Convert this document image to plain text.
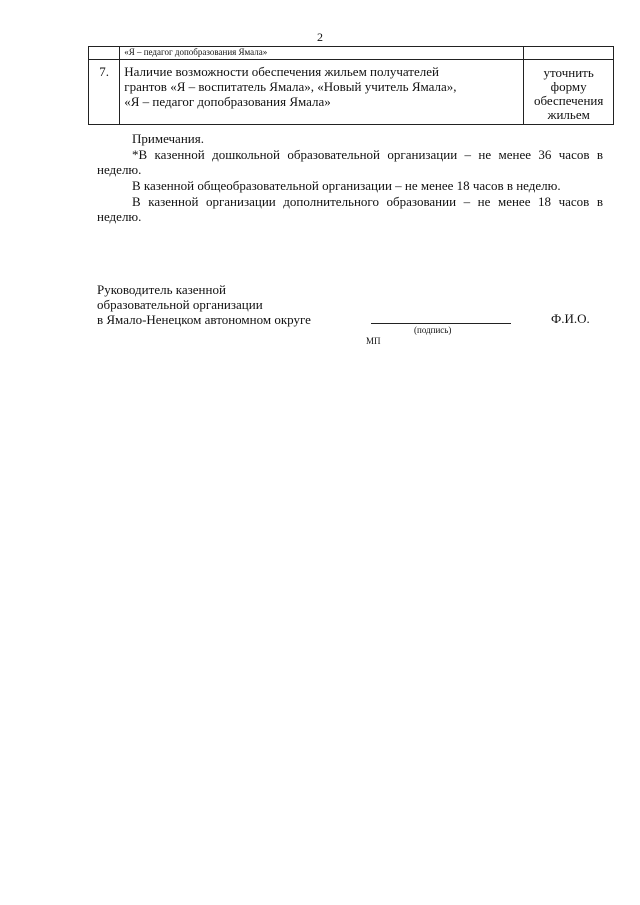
2
	«Я – педагог допобразования Ямала»	
7.	Наличие возможности обеспечения жильем получателей
грантов «Я – воспитатель Ямала», «Новый учитель Ямала»,
«Я – педагог допобразования Ямала»	уточнить
форму
обеспечения
жильем
Примечания.

*В казенной дошкольной образовательной организации – не менее 36 часов в неделю.

В казенной общеобразовательной организации – не менее 18 часов в неделю.

В казенной организации дополнительного образовании – не менее 18 часов в неделю.

Руководитель казенной
образовательной организации
в Ямало-Ненецком автономном округе
(подпись)
Ф.И.О.
МП
